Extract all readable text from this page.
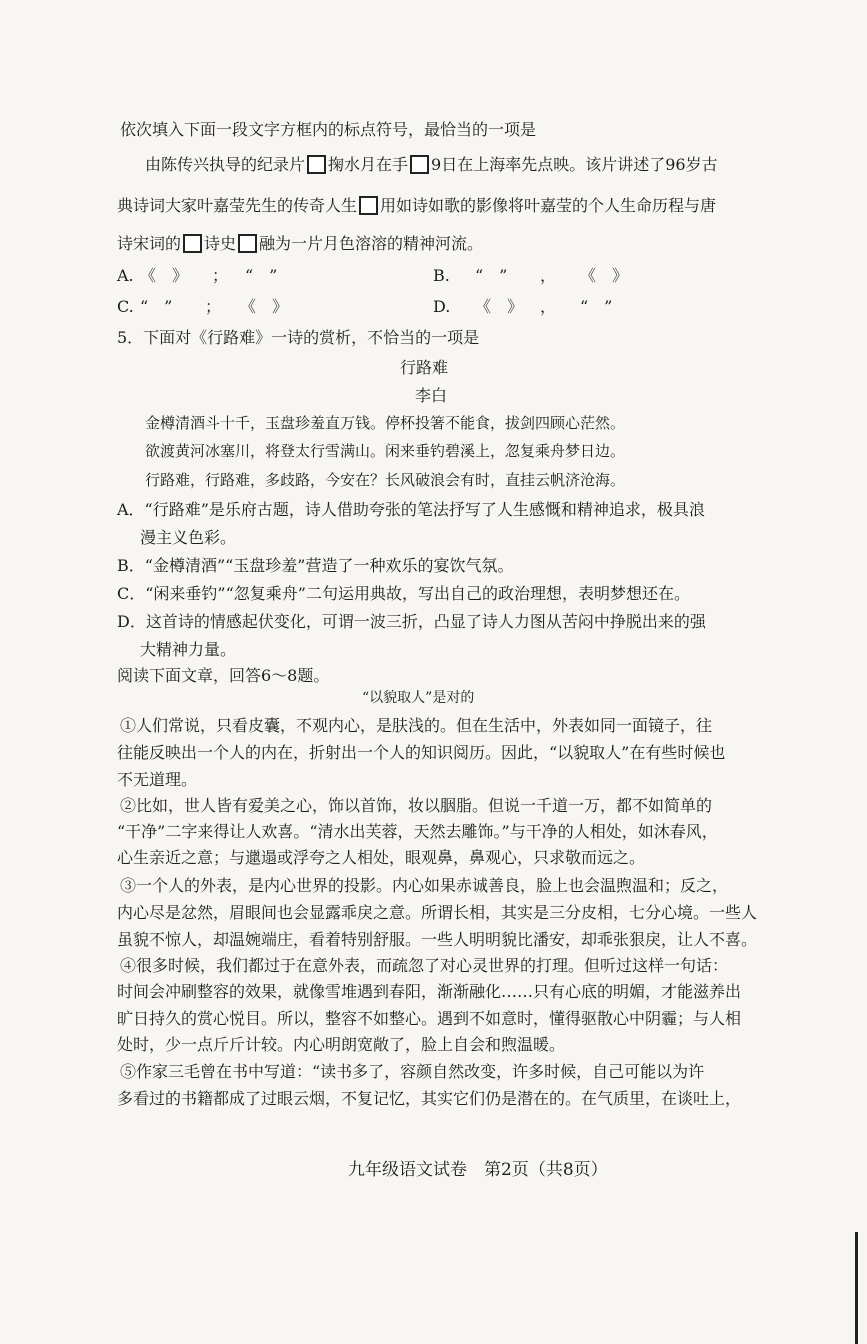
依次填入下面一段文字方框内的标点符号，最恰当的一项是
由陈传兴执导的纪录片 掬水月在手 9日在上海率先点映。该片讲述了96岁古
典诗词大家叶嘉莹先生的传奇人生 用如诗如歌的影像将叶嘉莹的个人生命历程与唐
诗宋词的 诗史 融为一片月色溶溶的精神河流。
A. 《　》 ； “　”	B. “　” ， 《　》
C. “　” ； 《　》	D. 《　》 ， “　”
5．下面对《行路难》一诗的赏析，不恰当的一项是
行路难
李白
金樽清酒斗十千，玉盘珍羞直万钱。停杯投箸不能食，拔剑四顾心茫然。
欲渡黄河冰塞川，将登太行雪满山。闲来垂钓碧溪上，忽复乘舟梦日边。
行路难，行路难，多歧路，今安在？长风破浪会有时，直挂云帆济沧海。
A．“行路难”是乐府古题，诗人借助夸张的笔法抒写了人生感慨和精神追求，极具浪
漫主义色彩。
B．“金樽清酒”“玉盘珍羞”营造了一种欢乐的宴饮气氛。
C．“闲来垂钓”“忽复乘舟”二句运用典故，写出自己的政治理想，表明梦想还在。
D．这首诗的情感起伏变化，可谓一波三折，凸显了诗人力图从苦闷中挣脱出来的强
大精神力量。
阅读下面文章，回答6～8题。
“以貌取人”是对的
①人们常说，只看皮囊，不观内心，是肤浅的。但在生活中，外表如同一面镜子，往
往能反映出一个人的内在，折射出一个人的知识阅历。因此，“以貌取人”在有些时候也
不无道理。
②比如，世人皆有爱美之心，饰以首饰，妆以胭脂。但说一千道一万，都不如简单的
“干净”二字来得让人欢喜。“清水出芙蓉，天然去雕饰。”与干净的人相处，如沐春风，
心生亲近之意；与邋遢或浮夸之人相处，眼观鼻，鼻观心，只求敬而远之。
③一个人的外表，是内心世界的投影。内心如果赤诚善良，脸上也会温煦温和；反之，
内心尽是忿然，眉眼间也会显露乖戾之意。所谓长相，其实是三分皮相，七分心境。一些人
虽貌不惊人，却温婉端庄，看着特别舒服。一些人明明貌比潘安，却乖张狠戾，让人不喜。
④很多时候，我们都过于在意外表，而疏忽了对心灵世界的打理。但听过这样一句话：
时间会冲刷整容的效果，就像雪堆遇到春阳，渐渐融化……只有心底的明媚，才能滋养出
旷日持久的赏心悦目。所以，整容不如整心。遇到不如意时，懂得驱散心中阴霾；与人相
处时，少一点斤斤计较。内心明朗宽敞了，脸上自会和煦温暖。
⑤作家三毛曾在书中写道：“读书多了，容颜自然改变，许多时候，自己可能以为许
多看过的书籍都成了过眼云烟，不复记忆，其实它们仍是潜在的。在气质里，在谈吐上，
九年级语文试卷　第2页（共8页）
